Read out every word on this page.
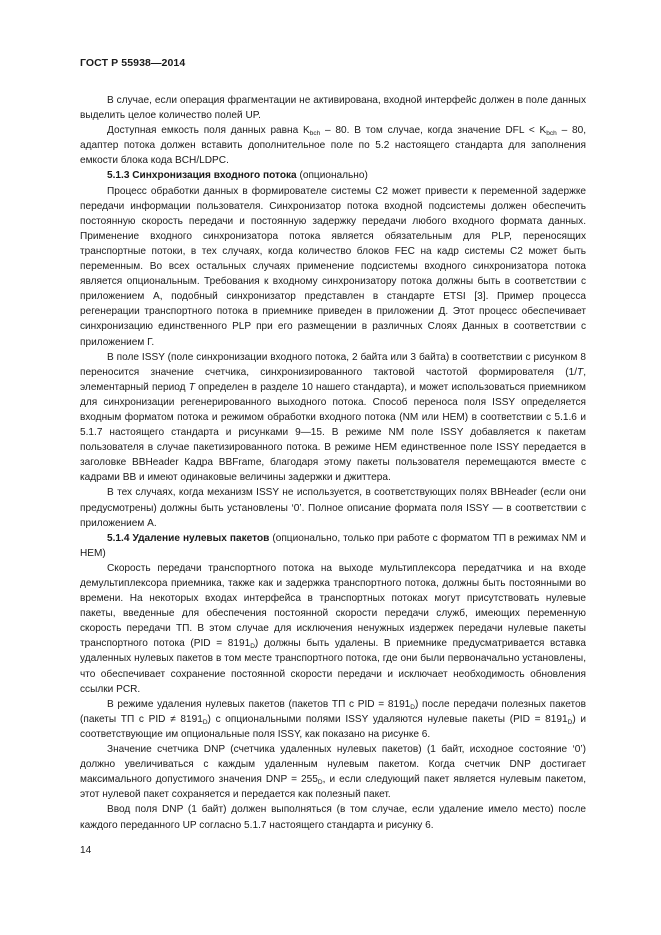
ГОСТ Р 55938—2014

В случае, если операция фрагментации не активирована, входной интерфейс должен в поле данных выделить целое количество полей UP.

Доступная емкость поля данных равна $K_{bch} - 80$. В том случае, когда значение DFL < $K_{bch} - 80$, адаптер потока должен вставить дополнительное поле по 5.2 настоящего стандарта для заполнения емкости блока кода BCH/LDPC.

5.1.3 Синхронизация входного потока (опционально)

Процесс обработки данных в формирователе системы C2 может привести к переменной задержке передачи информации пользователя. Синхронизатор потока входной подсистемы должен обеспечить постоянную скорость передачи и постоянную задержку передачи любого входного формата данных. Применение входного синхронизатора потока является обязательным для PLP, переносящих транспортные потоки, в тех случаях, когда количество блоков FEC на кадр системы C2 может быть переменным. Во всех остальных случаях применение подсистемы входного синхронизатора потока является опциональным. Требования к входному синхронизатору потока должны быть в соответствии с приложением А, подобный синхронизатор представлен в стандарте ETSI [3]. Пример процесса регенерации транспортного потока в приемнике приведен в приложении Д. Этот процесс обеспечивает синхронизацию единственного PLP при его размещении в различных Слоях Данных в соответствии с приложением Г.

В поле ISSY (поле синхронизации входного потока, 2 байта или 3 байта) в соответствии с рисунком 8 переносится значение счетчика, синхронизированного тактовой частотой формирователя (1/T, элементарный период T определен в разделе 10 нашего стандарта), и может использоваться приемником для синхронизации регенерированного выходного потока. Способ переноса поля ISSY определяется входным форматом потока и режимом обработки входного потока (NM или HEM) в соответствии с 5.1.6 и 5.1.7 настоящего стандарта и рисунками 9—15. В режиме NM поле ISSY добавляется к пакетам пользователя в случае пакетизированного потока. В режиме HEM единственное поле ISSY передается в заголовке BBHeader Кадра BBFrame, благодаря этому пакеты пользователя перемещаются вместе с кадрами BB и имеют одинаковые величины задержки и джиттера.

В тех случаях, когда механизм ISSY не используется, в соответствующих полях BBHeader (если они предусмотрены) должны быть установлены ‘0’. Полное описание формата поля ISSY — в соответствии с приложением А.

5.1.4 Удаление нулевых пакетов (опционально, только при работе с форматом ТП в режимах NM и HEM)

Скорость передачи транспортного потока на выходе мультиплексора передатчика и на входе демультиплексора приемника, также как и задержка транспортного потока, должны быть постоянными во времени. На некоторых входах интерфейса в транспортных потоках могут присутствовать нулевые пакеты, введенные для обеспечения постоянной скорости передачи служб, имеющих переменную скорость передачи ТП. В этом случае для исключения ненужных издержек передачи нулевые пакеты транспортного потока $(PID = 8191_D)$ должны быть удалены. В приемнике предусматривается вставка удаленных нулевых пакетов в том месте транспортного потока, где они были первоначально установлены, что обеспечивает сохранение постоянной скорости передачи и исключает необходимость обновления ссылки PCR.

В режиме удаления нулевых пакетов (пакетов ТП с PID = $8191_D$) после передачи полезных пакетов (пакеты ТП с PID ≠ $8191_D$) с опциональными полями ISSY удаляются нулевые пакеты $(PID = 8191_D)$ и соответствующие им опциональные поля ISSY, как показано на рисунке 6.

Значение счетчика DNP (счетчика удаленных нулевых пакетов) (1 байт, исходное состояние ‘0’) должно увеличиваться с каждым удаленным нулевым пакетом. Когда счетчик DNP достигает максимального допустимого значения DNP = $255_D$, и если следующий пакет является нулевым пакетом, этот нулевой пакет сохраняется и передается как полезный пакет.

Ввод поля DNP (1 байт) должен выполняться (в том случае, если удаление имело место) после каждого переданного UP согласно 5.1.7 настоящего стандарта и рисунку 6.

14
